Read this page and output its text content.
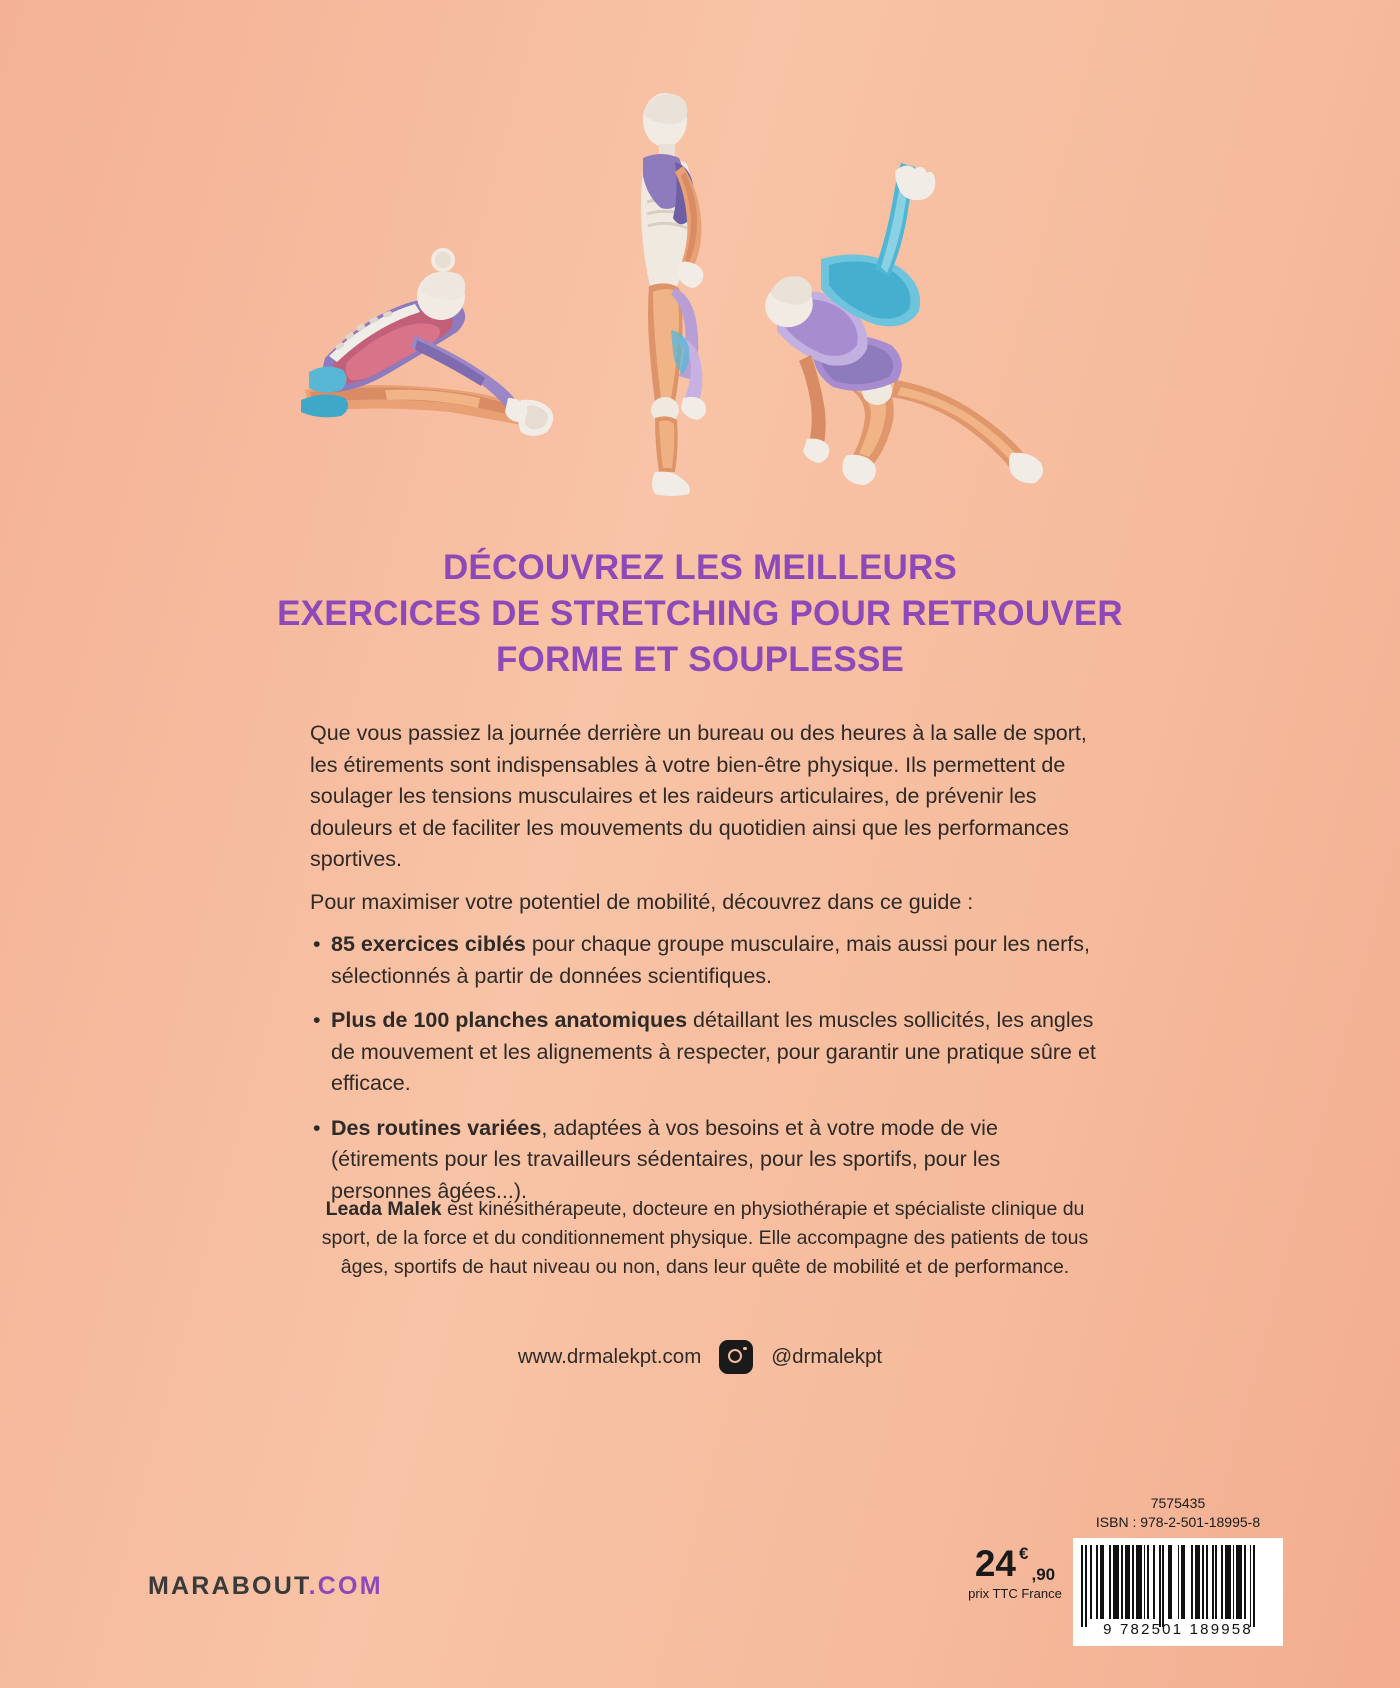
DÉCOUVREZ LES MEILLEURS
EXERCICES DE STRETCHING POUR RETROUVER
FORME ET SOUPLESSE

Que vous passiez la journée derrière un bureau ou des heures à la salle de sport, les étirements sont indispensables à votre bien-être physique. Ils permettent de soulager les tensions musculaires et les raideurs articulaires, de prévenir les douleurs et de faciliter les mouvements du quotidien ainsi que les performances sportives.

Pour maximiser votre potentiel de mobilité, découvrez dans ce guide :

• 85 exercices ciblés pour chaque groupe musculaire, mais aussi pour les nerfs, sélectionnés à partir de données scientifiques.
• Plus de 100 planches anatomiques détaillant les muscles sollicités, les angles de mouvement et les alignements à respecter, pour garantir une pratique sûre et efficace.
• Des routines variées, adaptées à vos besoins et à votre mode de vie (étirements pour les travailleurs sédentaires, pour les sportifs, pour les personnes âgées...).
Leada Malek est kinésithérapeute, docteure en physiothérapie et spécialiste clinique du sport, de la force et du conditionnement physique. Elle accompagne des patients de tous âges, sportifs de haut niveau ou non, dans leur quête de mobilité et de performance.
www.drmalekpt.com	@drmalekpt
MARABOUT.COM
24 €
,90
prix TTC France
7575435
ISBN : 978-2-501-18995-8
9 782501 189958
